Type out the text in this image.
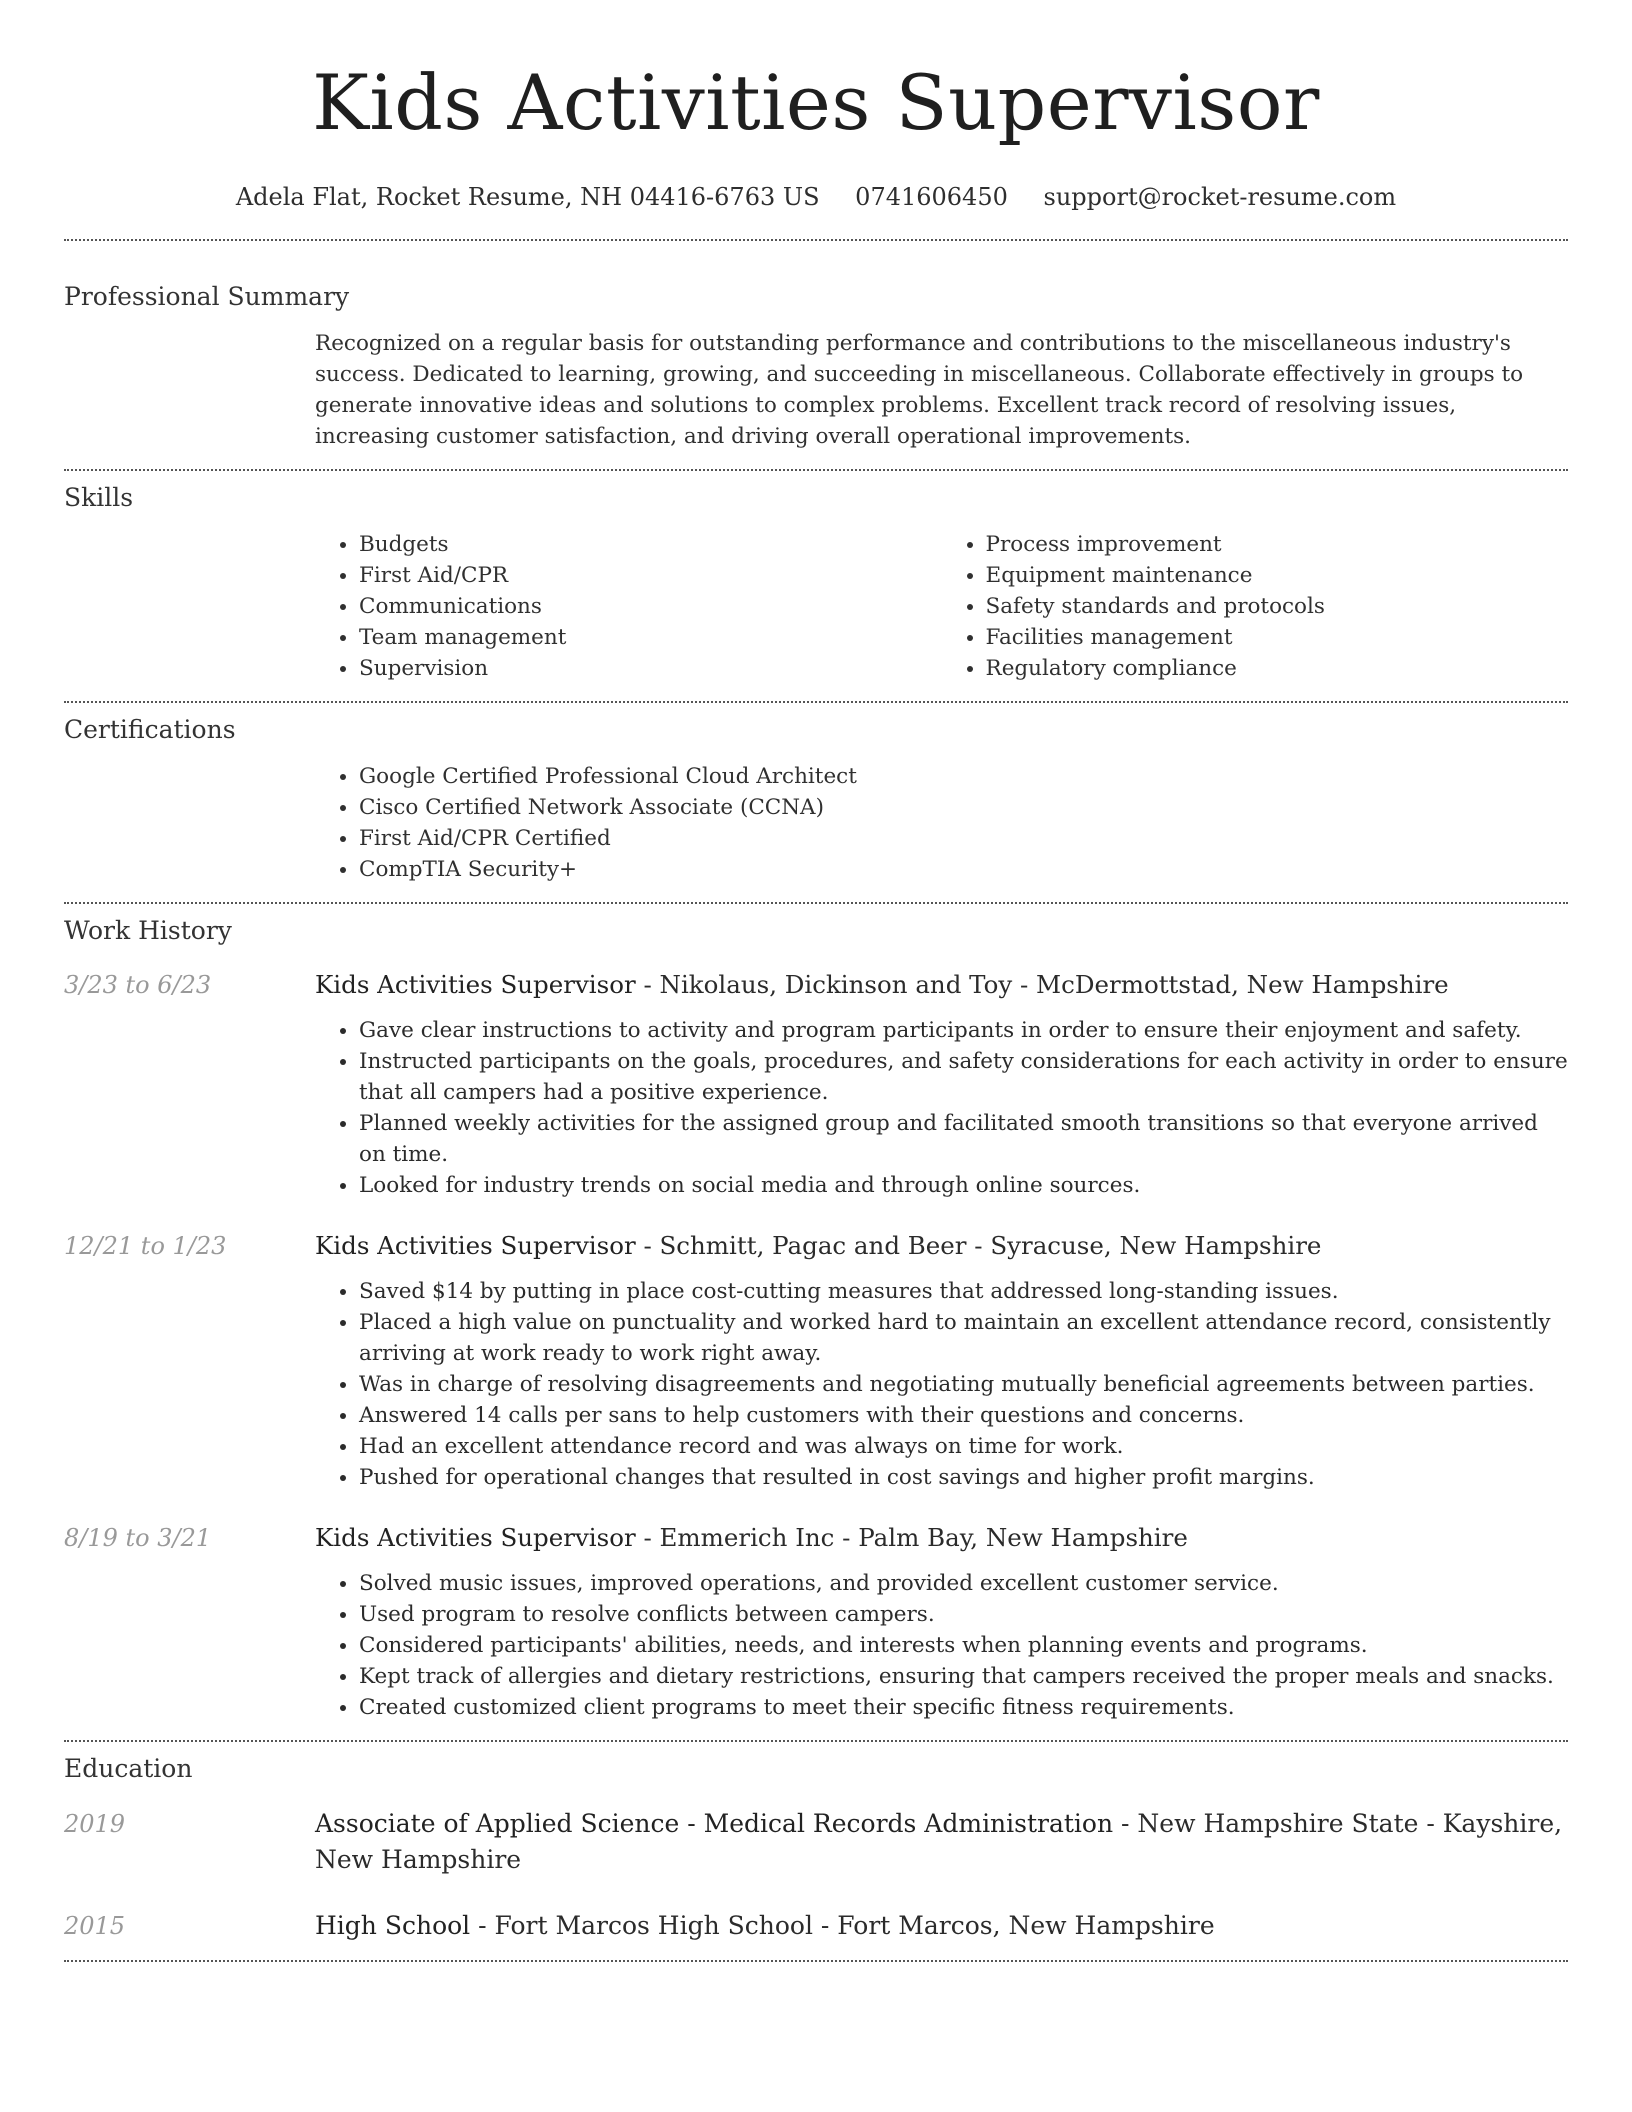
Kids Activities Supervisor
Adela Flat, Rocket Resume, NH 04416-6763 US 0741606450 support@rocket-resume.com
Professional Summary

Recognized on a regular basis for outstanding performance and contributions to the miscellaneous industry's success. Dedicated to learning, growing, and succeeding in miscellaneous. Collaborate effectively in groups to generate innovative ideas and solutions to complex problems. Excellent track record of resolving issues, increasing customer satisfaction, and driving overall operational improvements.

Skills
• Budgets
• First Aid/CPR
• Communications
• Team management
• Supervision
• Process improvement
• Equipment maintenance
• Safety standards and protocols
• Facilities management
• Regulatory compliance
Certifications
• Google Certified Professional Cloud Architect
• Cisco Certified Network Associate (CCNA)
• First Aid/CPR Certified
• CompTIA Security+
Work History
3/23 to 6/23	Kids Activities Supervisor - Nikolaus, Dickinson and Toy - McDermottstad, New Hampshire
• Gave clear instructions to activity and program participants in order to ensure their enjoyment and safety.
• Instructed participants on the goals, procedures, and safety considerations for each activity in order to ensure that all campers had a positive experience.
• Planned weekly activities for the assigned group and facilitated smooth transitions so that everyone arrived on time.
• Looked for industry trends on social media and through online sources.
12/21 to 1/23	Kids Activities Supervisor - Schmitt, Pagac and Beer - Syracuse, New Hampshire
• Saved $14 by putting in place cost-cutting measures that addressed long-standing issues.
• Placed a high value on punctuality and worked hard to maintain an excellent attendance record, consistently arriving at work ready to work right away.
• Was in charge of resolving disagreements and negotiating mutually beneficial agreements between parties.
• Answered 14 calls per sans to help customers with their questions and concerns.
• Had an excellent attendance record and was always on time for work.
• Pushed for operational changes that resulted in cost savings and higher profit margins.
8/19 to 3/21	Kids Activities Supervisor - Emmerich Inc - Palm Bay, New Hampshire
• Solved music issues, improved operations, and provided excellent customer service.
• Used program to resolve conflicts between campers.
• Considered participants' abilities, needs, and interests when planning events and programs.
• Kept track of allergies and dietary restrictions, ensuring that campers received the proper meals and snacks.
• Created customized client programs to meet their specific fitness requirements.
Education
2019	Associate of Applied Science - Medical Records Administration - New Hampshire State - Kayshire, New Hampshire
2015	High School - Fort Marcos High School - Fort Marcos, New Hampshire
